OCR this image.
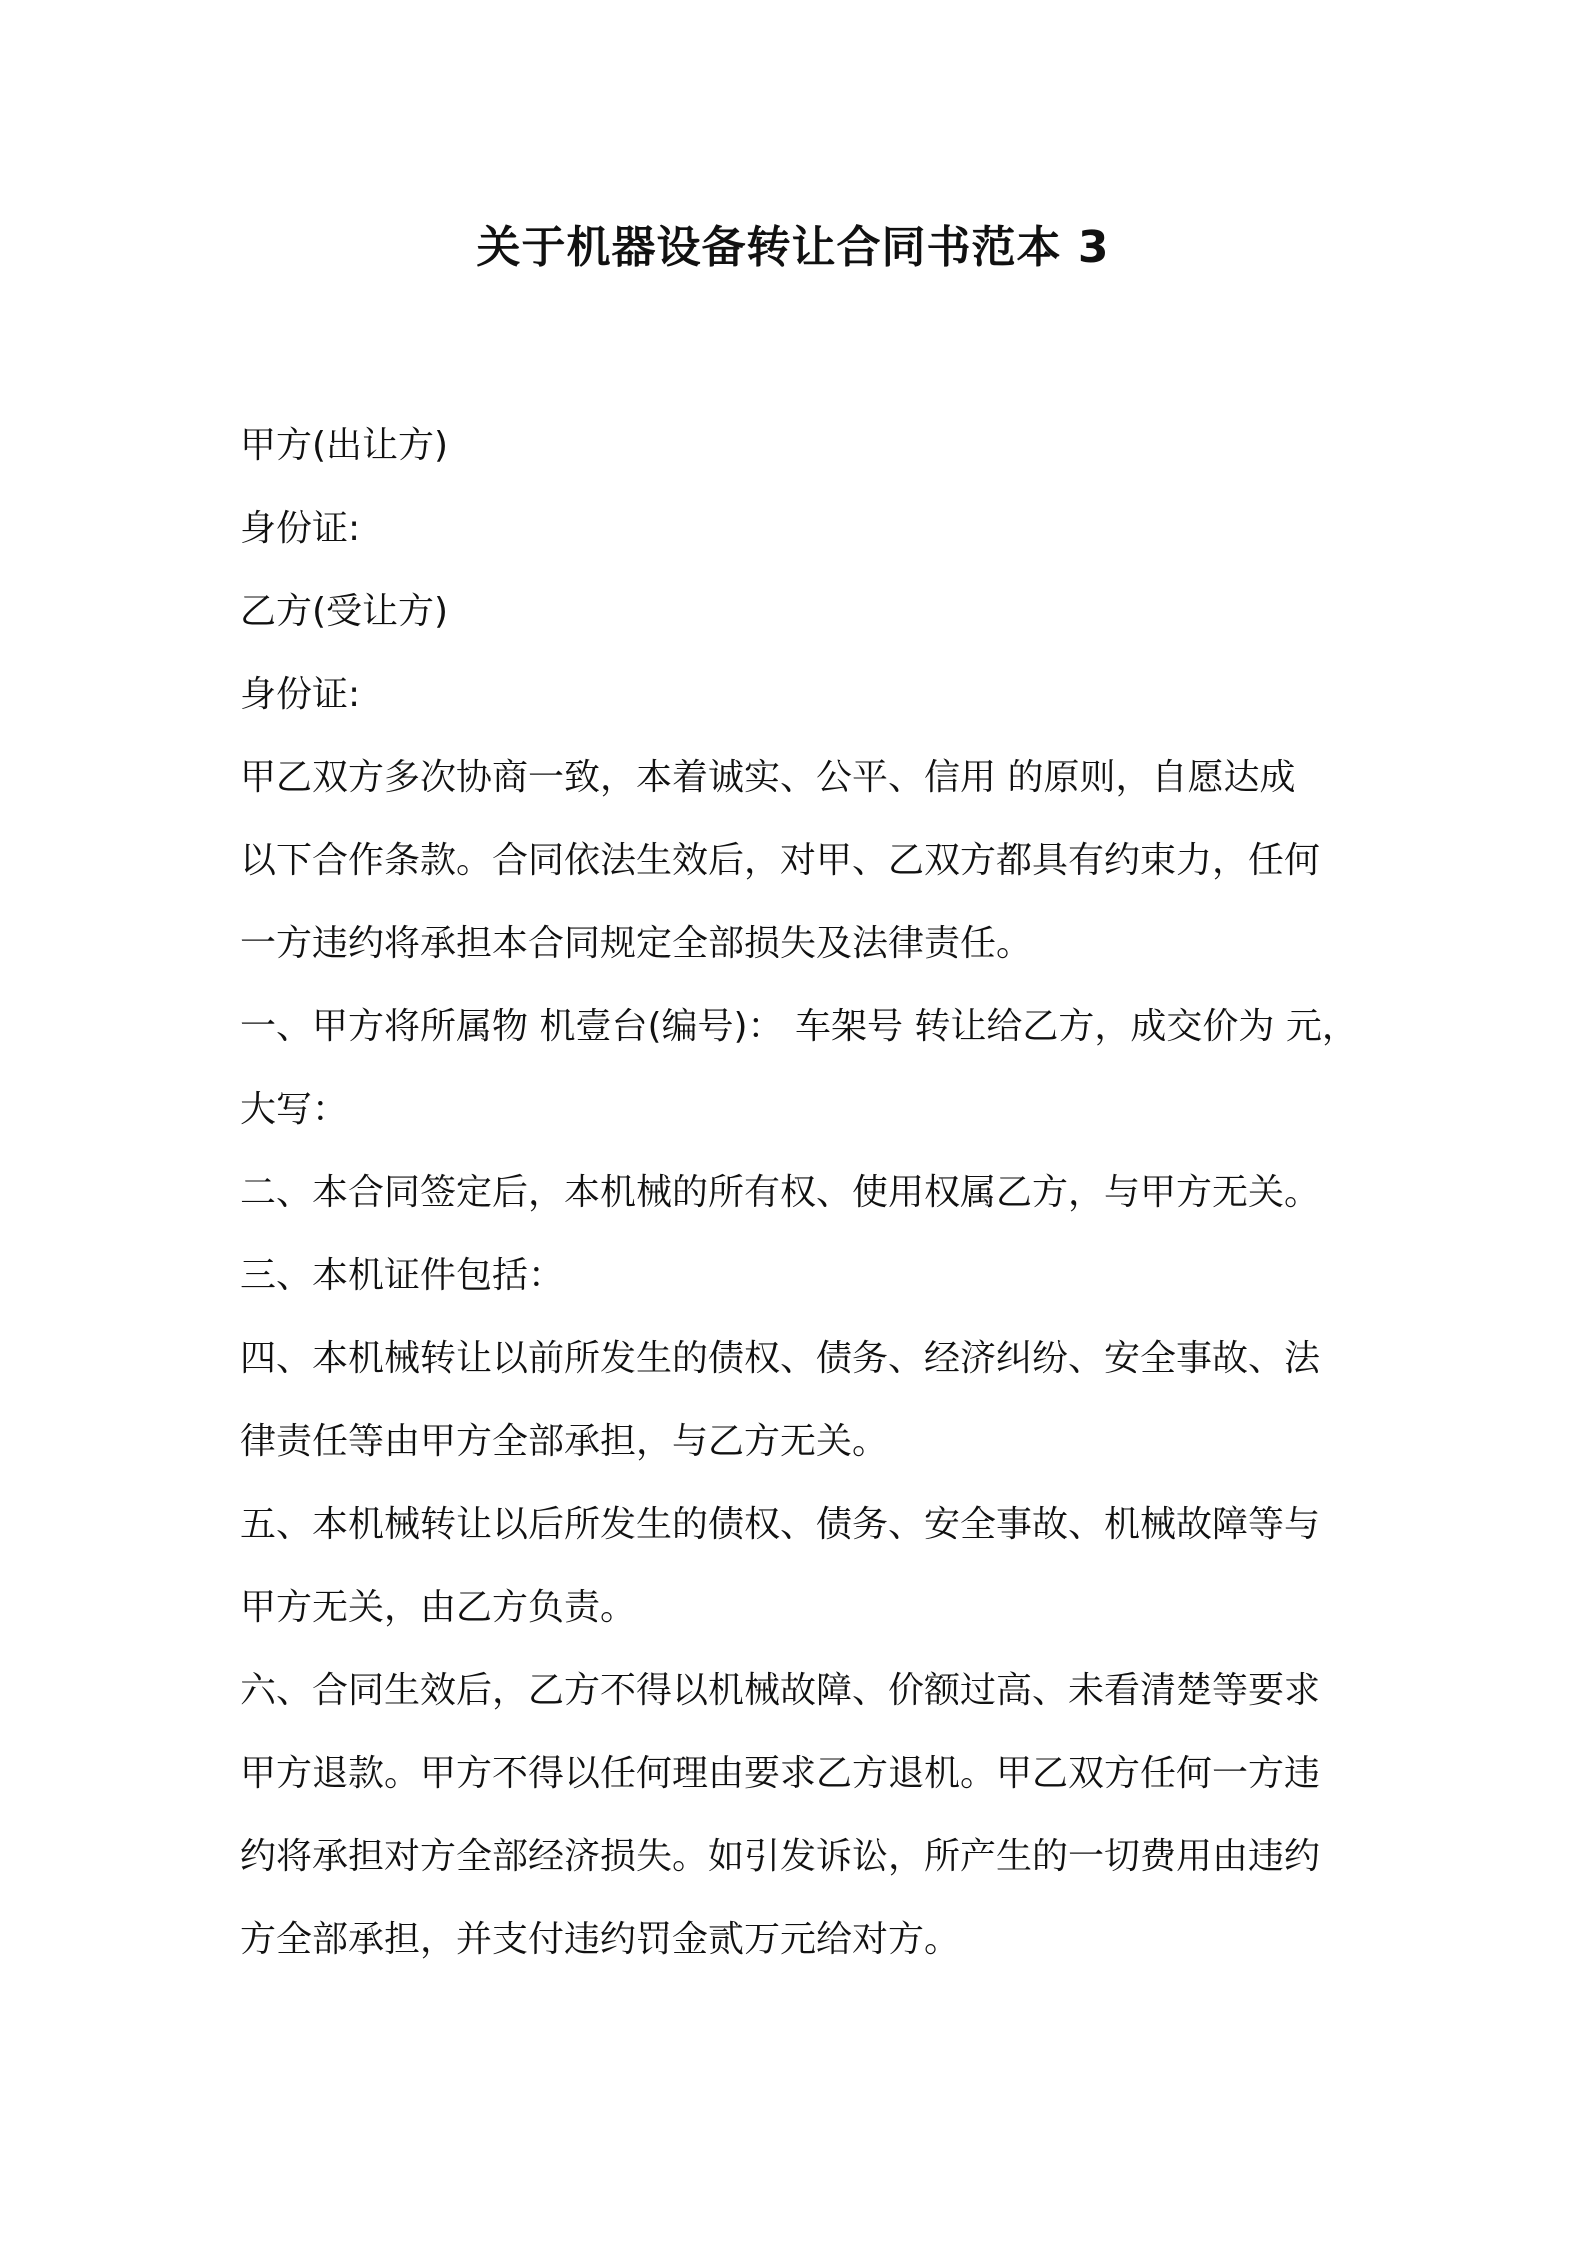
关于机器设备转让合同书范本 3
甲方(出让方)
身份证:
乙方(受让方)
身份证:
甲乙双方多次协商一致，本着诚实、公平、信用 的原则，自愿达成
以下合作条款。合同依法生效后，对甲、乙双方都具有约束力，任何
一方违约将承担本合同规定全部损失及法律责任。
一、甲方将所属物 机壹台(编号)： 车架号 转让给乙方，成交价为 元，
大写：
二、本合同签定后，本机械的所有权、使用权属乙方，与甲方无关。
三、本机证件包括：
四、本机械转让以前所发生的债权、债务、经济纠纷、安全事故、法
律责任等由甲方全部承担，与乙方无关。
五、本机械转让以后所发生的债权、债务、安全事故、机械故障等与
甲方无关，由乙方负责。
六、合同生效后，乙方不得以机械故障、价额过高、未看清楚等要求
甲方退款。甲方不得以任何理由要求乙方退机。甲乙双方任何一方违
约将承担对方全部经济损失。如引发诉讼，所产生的一切费用由违约
方全部承担，并支付违约罚金贰万元给对方。
